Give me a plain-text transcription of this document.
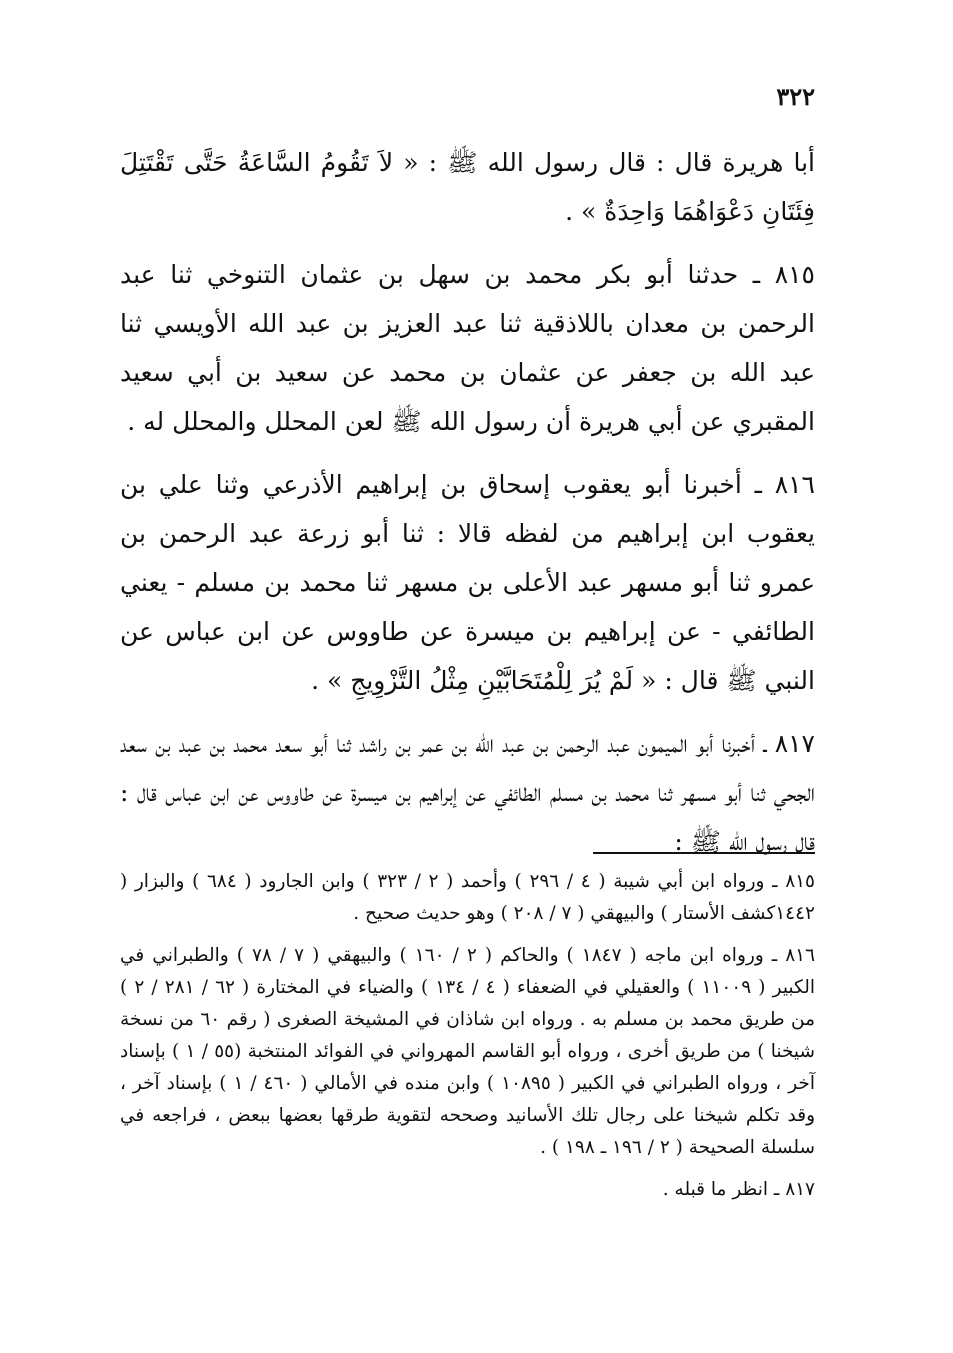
٣٢٢

أبا هريرة قال : قال رسول الله ﷺ : « لاَ تَقُومُ السَّاعَةُ حَتَّى تَقْتَتِلَ فِئَتَانِ دَعْوَاهُمَا وَاحِدَةٌ » .

٨١٥ ـ حدثنا أبو بكر محمد بن سهل بن عثمان التنوخي ثنا عبد الرحمن بن معدان باللاذقية ثنا عبد العزيز بن عبد الله الأويسي ثنا عبد الله بن جعفر عن عثمان بن محمد عن سعيد بن أبي سعيد المقبري عن أبي هريرة أن رسول الله ﷺ لعن المحلل والمحلل له .

٨١٦ ـ أخبرنا أبو يعقوب إسحاق بن إبراهيم الأذرعي وثنا علي بن يعقوب ابن إبراهيم من لفظه قالا : ثنا أبو زرعة عبد الرحمن بن عمرو ثنا أبو مسهر عبد الأعلى بن مسهر ثنا محمد بن مسلم - يعني الطائفي - عن إبراهيم بن ميسرة عن طاووس عن ابن عباس عن النبي ﷺ قال : « لَمْ يُرَ لِلْمُتَحَابَّيْنِ مِثْلُ التَّزْوِيجِ » .

٨١٧ ـ أخبرنا أبو الميمون عبد الرحمن بن عبد الله بن عمر بن راشد ثنا أبو سعد محمد بن عبد بن سعد الجحي ثنا أبو مسهر ثنا محمد بن مسلم الطائفي عن إبراهيم بن ميسرة عن طاووس عن ابن عباس قال : قال رسول الله ﷺ :

٨١٥ ـ ورواه ابن أبي شيبة ( ٤ / ٢٩٦ ) وأحمد ( ٢ / ٣٢٣ ) وابن الجارود ( ٦٨٤ ) والبزار ( ١٤٤٢كشف الأستار ) والبيهقي ( ٧ / ٢٠٨ ) وهو حديث صحيح .

٨١٦ ـ ورواه ابن ماجه ( ١٨٤٧ ) والحاكم ( ٢ / ١٦٠ ) والبيهقي ( ٧ / ٧٨ ) والطبراني في الكبير ( ١١٠٠٩ ) والعقيلي في الضعفاء ( ٤ / ١٣٤ ) والضياء في المختارة ( ٦٢ / ٢٨١ / ٢ ) من طريق محمد بن مسلم به . ورواه ابن شاذان في المشيخة الصغرى ( رقم ٦٠ من نسخة شيخنا ) من طريق أخرى ، ورواه أبو القاسم المهرواني في الفوائد المنتخبة (٥٥ / ١ ) بإسناد آخر ، ورواه الطبراني في الكبير ( ١٠٨٩٥ ) وابن منده في الأمالي ( ٤٦٠ / ١ ) بإسناد آخر ، وقد تكلم شيخنا على رجال تلك الأسانيد وصححه لتقوية طرقها بعضها ببعض ، فراجعه في سلسلة الصحيحة ( ٢ / ١٩٦ ـ ١٩٨ ) .

٨١٧ ـ انظر ما قبله .
